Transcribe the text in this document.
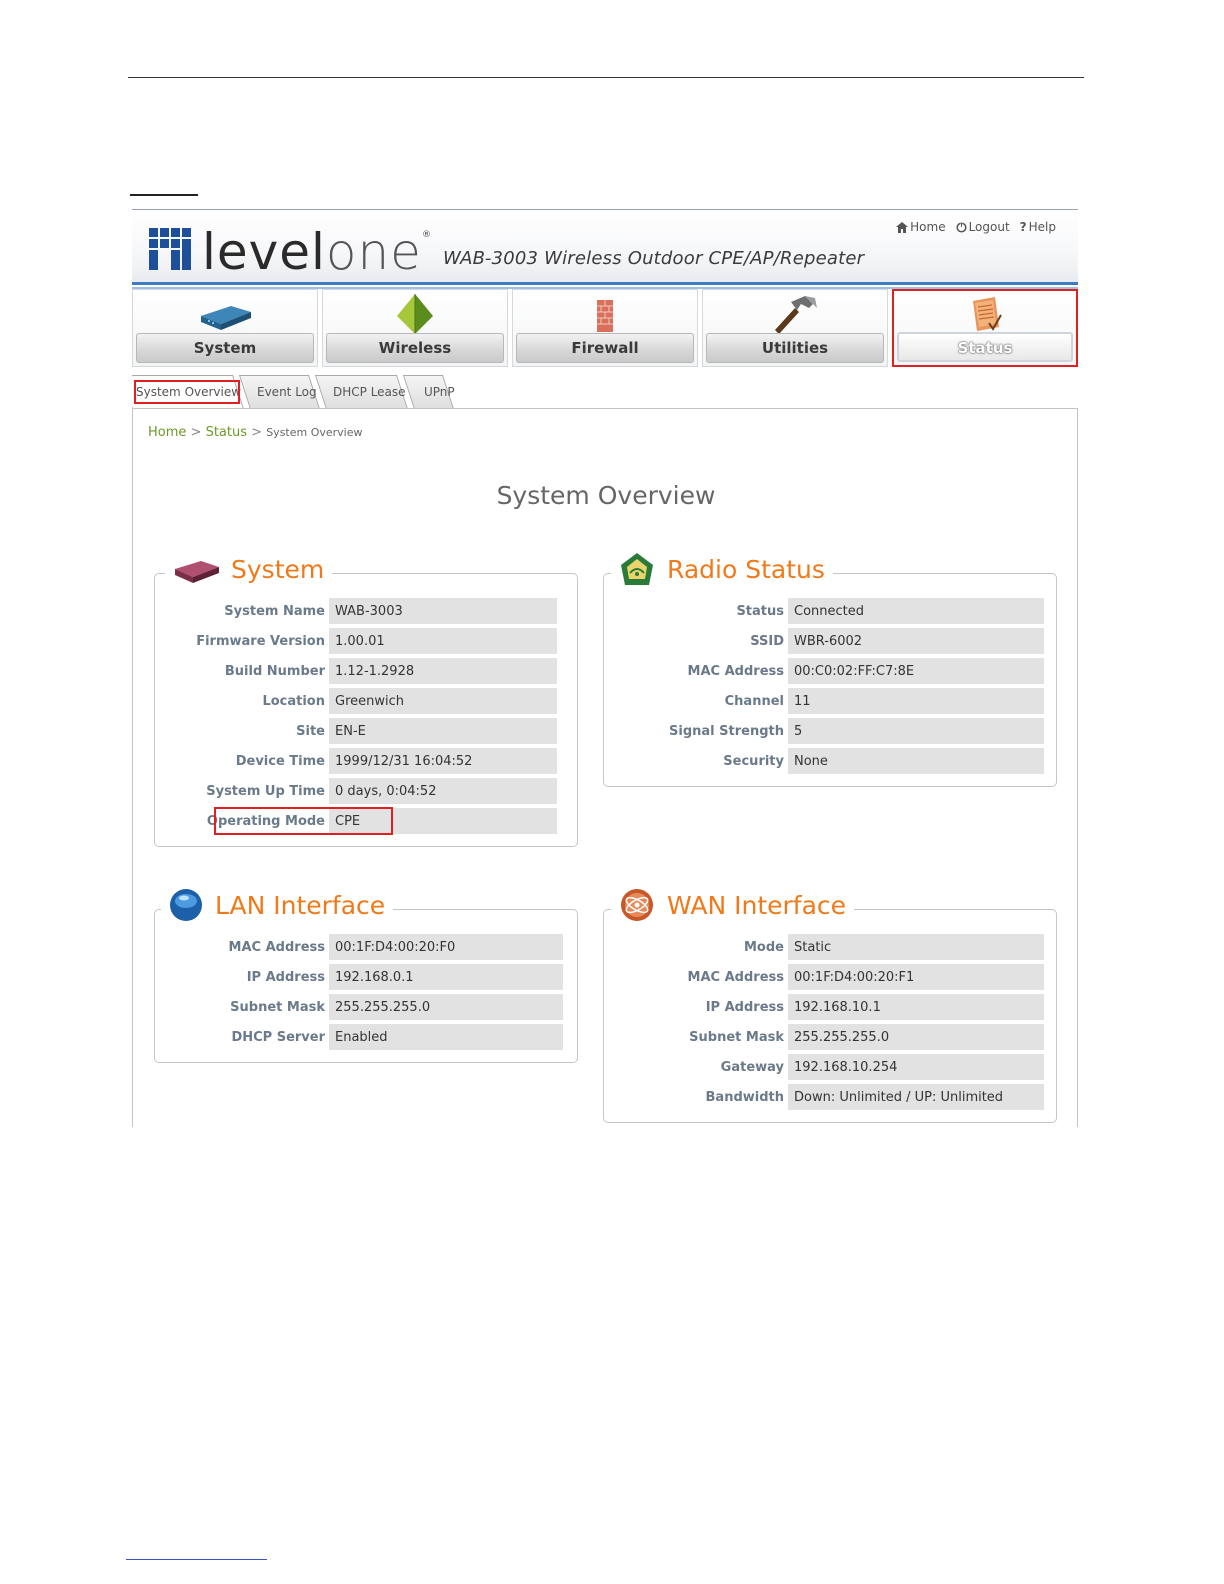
levelone ®
WAB-3003 Wireless Outdoor CPE/AP/Repeater
Home Logout ? Help
System	Wireless	Firewall	Utilities	Status
System Overview	Event Log	DHCP Lease	UPnP
Home > Status > System Overview
System Overview
System Name	WAB-3003
Firmware Version	1.00.01
Build Number	1.12-1.2928
Location	Greenwich
Site	EN-E
Device Time	1999/12/31 16:04:52
System Up Time	0 days, 0:04:52
Operating Mode	CPE
System
Status	Connected
SSID	WBR-6002
MAC Address	00:C0:02:FF:C7:8E
Channel	11
Signal Strength	5
Security	None
Radio Status
MAC Address	00:1F:D4:00:20:F0
IP Address	192.168.0.1
Subnet Mask	255.255.255.0
DHCP Server	Enabled
LAN Interface
Mode	Static
MAC Address	00:1F:D4:00:20:F1
IP Address	192.168.10.1
Subnet Mask	255.255.255.0
Gateway	192.168.10.254
Bandwidth	Down: Unlimited / UP: Unlimited
WAN Interface
